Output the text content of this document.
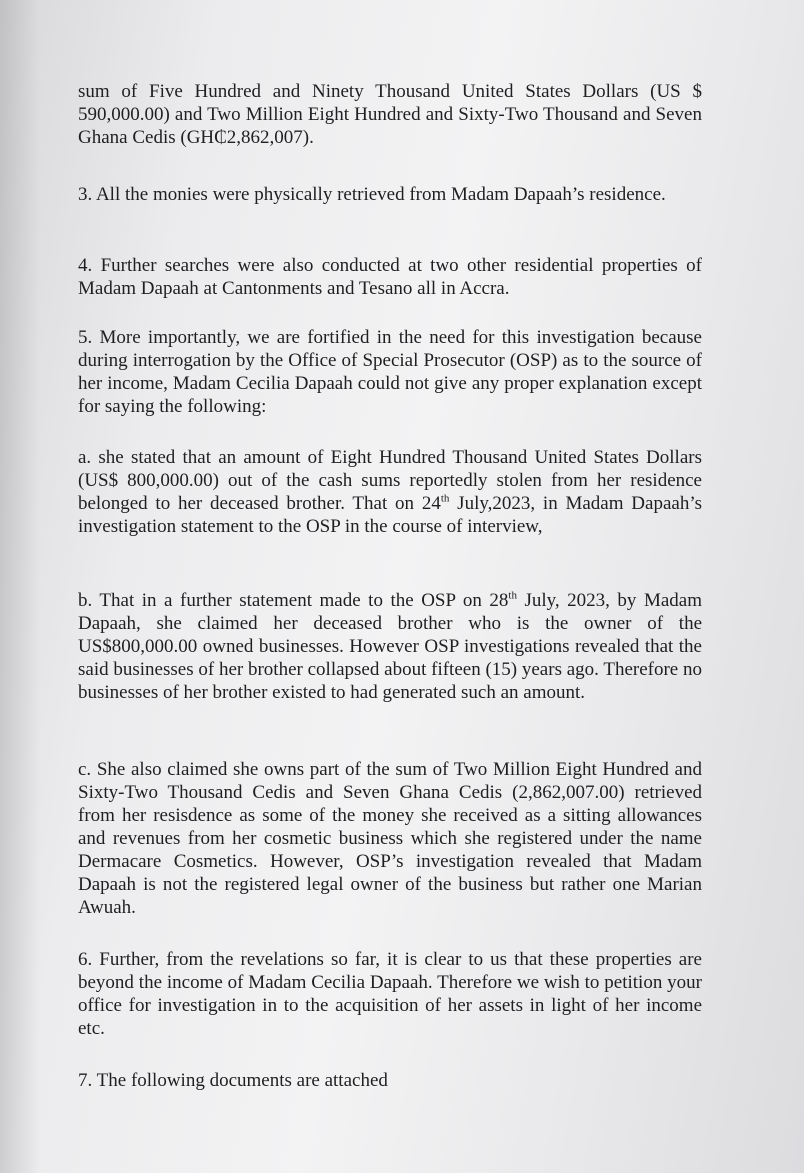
sum of Five Hundred and Ninety Thousand United States Dollars (US $ 590,000.00) and Two Million Eight Hundred and Sixty-Two Thousand and Seven Ghana Cedis (GH₵2,862,007).

3. All the monies were physically retrieved from Madam Dapaah’s residence.

4. Further searches were also conducted at two other residential properties of Madam Dapaah at Cantonments and Tesano all in Accra.

5. More importantly, we are fortified in the need for this investigation because during interrogation by the Office of Special Prosecutor (OSP) as to the source of her income, Madam Cecilia Dapaah could not give any proper explanation except for saying the following:

a. she stated that an amount of Eight Hundred Thousand United States Dollars (US$ 800,000.00) out of the cash sums reportedly stolen from her residence belonged to her deceased brother. That on 24th July,2023, in Madam Dapaah’s investigation statement to the OSP in the course of interview,

b. That in a further statement made to the OSP on 28th July, 2023, by Madam Dapaah, she claimed her deceased brother who is the owner of the US$800,000.00 owned businesses. However OSP investigations revealed that the said businesses of her brother collapsed about fifteen (15) years ago. Therefore no businesses of her brother existed to had generated such an amount.

c. She also claimed she owns part of the sum of Two Million Eight Hundred and Sixty-Two Thousand Cedis and Seven Ghana Cedis (2,862,007.00) retrieved from her resisdence as some of the money she received as a sitting allowances and revenues from her cosmetic business which she registered under the name Dermacare Cosmetics. However, OSP’s investigation revealed that Madam Dapaah is not the registered legal owner of the business but rather one Marian Awuah.

6. Further, from the revelations so far, it is clear to us that these properties are beyond the income of Madam Cecilia Dapaah. Therefore we wish to petition your office for investigation in to the acquisition of her assets in light of her income etc.

7. The following documents are attached
